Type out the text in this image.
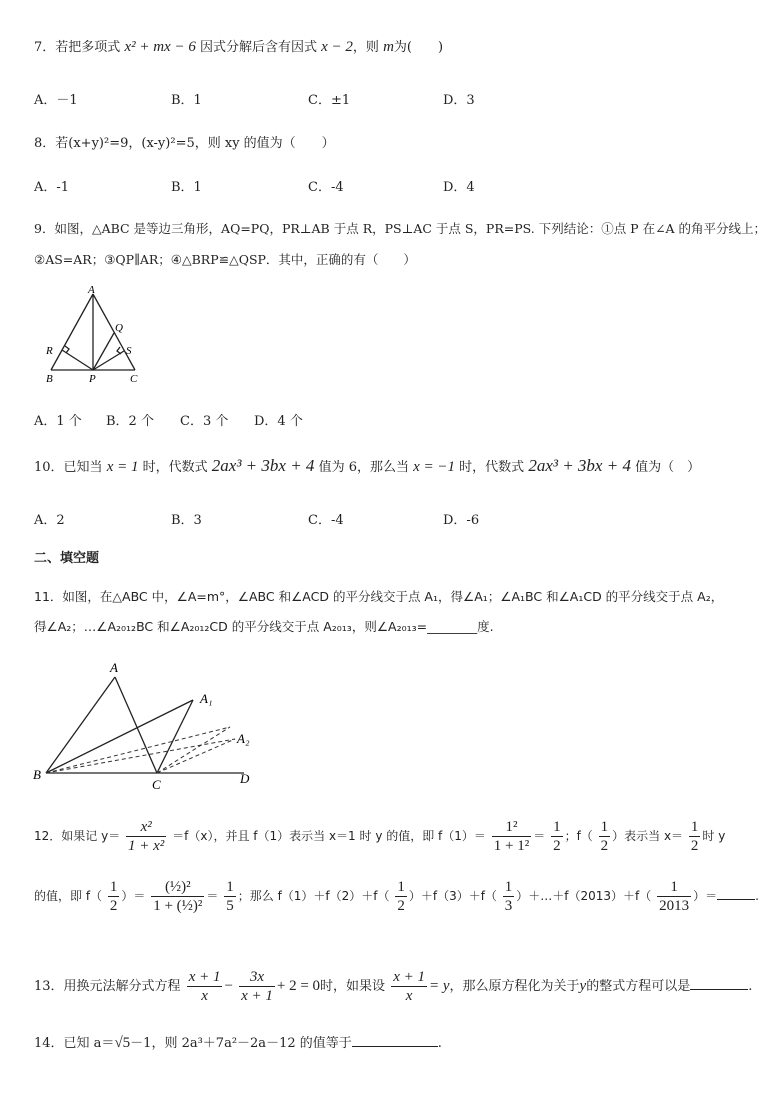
7．若把多项式 x² + mx − 6 因式分解后含有因式 x − 2，则 m为(　　)
A．－1	B．1	C．±1	D．3
8．若(x+y)²=9，(x-y)²=5，则 xy 的值为（　　）
A．-1	B．1	C．-4	D．4
9．如图，△ABC 是等边三角形，AQ=PQ，PR⊥AB 于点 R，PS⊥AC 于点 S，PR=PS. 下列结论：①点 P 在∠A 的角平分线上；
②AS=AR；③QP∥AR；④△BRP≌△QSP．其中，正确的有（　　）
A
B	C
P
Q
R	S
A．1 个 B．2 个 C．3 个 D．4 个
10．已知当 x = 1 时，代数式 2ax³ + 3bx + 4 值为 6，那么当 x = −1 时，代数式 2ax³ + 3bx + 4 值为（　）
A．2	B．3	C．-4	D．-6
二、填空题
11．如图，在△ABC 中，∠A=m°，∠ABC 和∠ACD 的平分线交于点 A₁，得∠A₁；∠A₁BC 和∠A₁CD 的平分线交于点 A₂，
得∠A₂；…∠A₂₀₁₂BC 和∠A₂₀₁₂CD 的平分线交于点 A₂₀₁₃，则∠A₂₀₁₃=________度.
A
A₁
A₂
B
C	D
12．如果记 $y= \frac{\text{x²}}{\text{1 + x²}} =f(x)$，并且 f（1）表示当 x＝1 时 y 的值，即 $f(1)= \frac{\text{1²}}{\text{1 + 1²}} = \frac{1}{2}$ ；$f( \frac{1}{2}$ ）表示当 $x= \frac{1}{2}$ 时 y
的值，即 $f( \frac{1}{2}$ ）＝ $\frac{\text{(½)²}}{\text{1 + (½)²}} = \frac{1}{5}$ ；那么 $f(1)+f(2)+f( \frac{1}{2} )+f(3)+f( \frac{1}{3}$ ）＋…＋f（2013）＋f（ $\frac{1}{2013}$ ）＝	.
13．用换元法解分式方程 $\frac{x + 1}{x} - \frac{3x}{x + 1} + 2 = 0$时，如果设 $\frac{x + 1}{x} = y$，那么原方程化为关于y的整式方程可以是	.
14．已知 a＝√5－1，则 2a³＋7a²－2a－12 的值等于	.
